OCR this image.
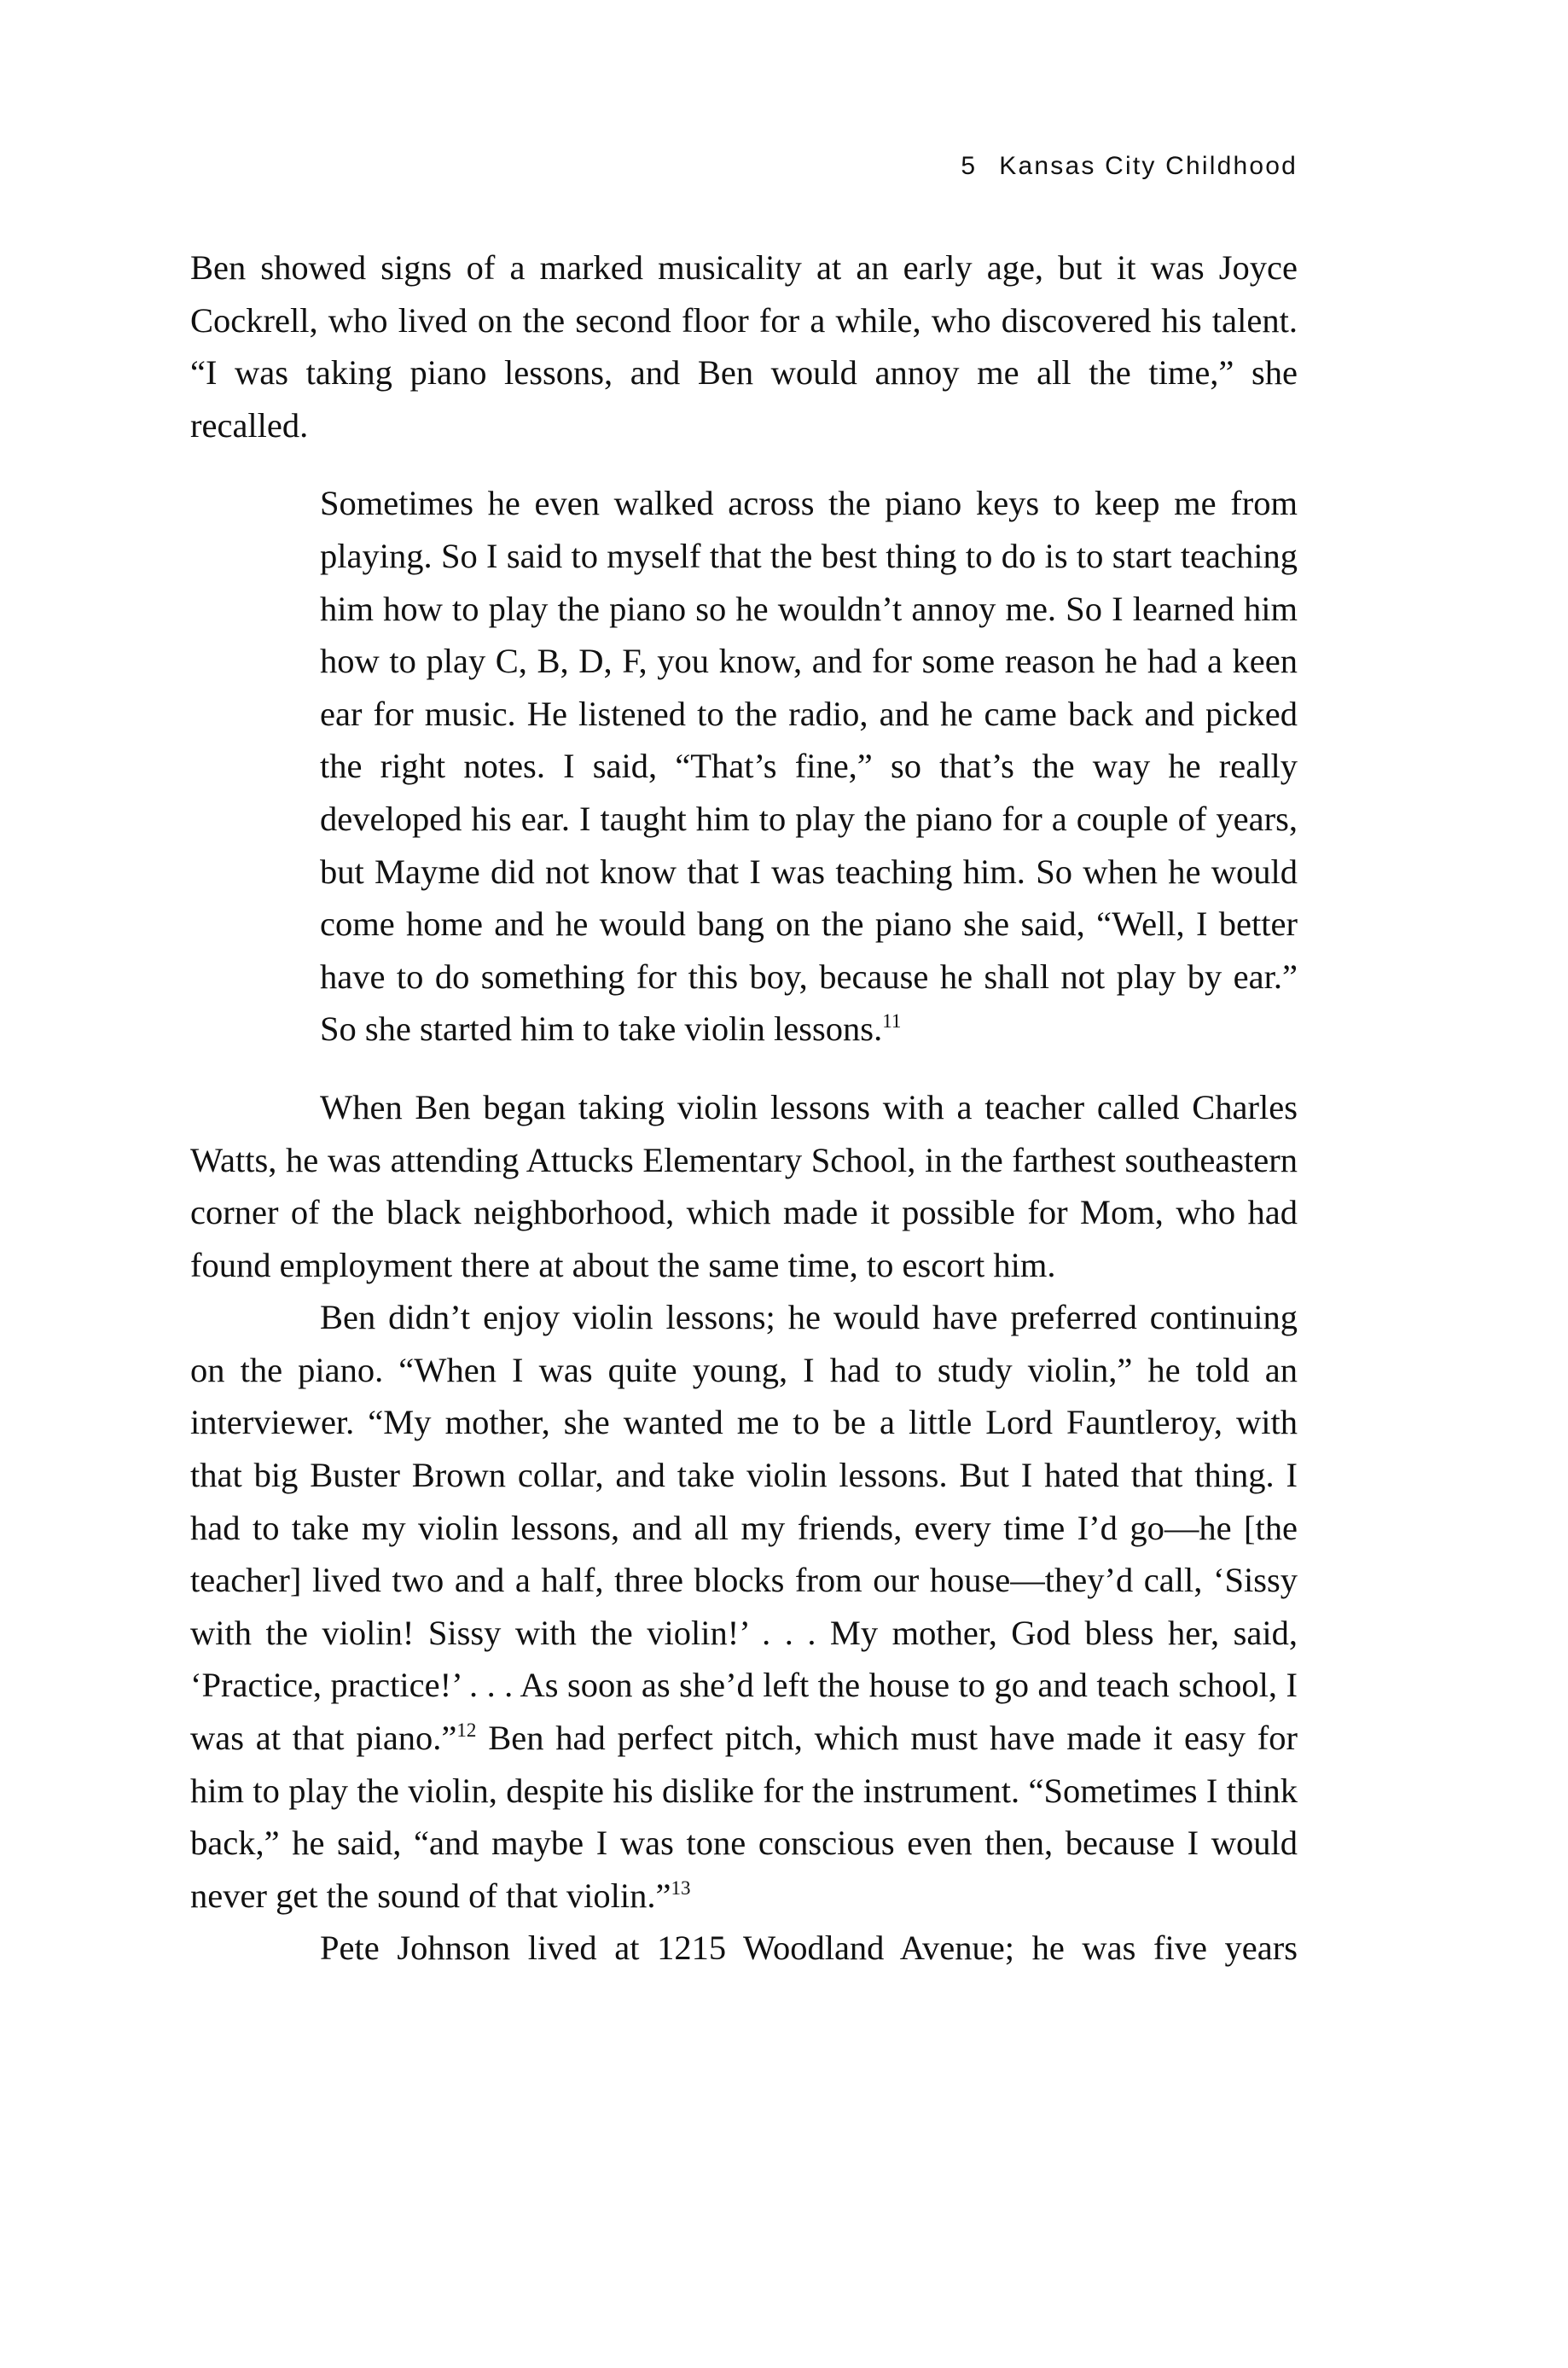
5 Kansas City Childhood

Ben showed signs of a marked musicality at an early age, but it was Joyce Cockrell, who lived on the second floor for a while, who discovered his talent. “I was taking piano lessons, and Ben would annoy me all the time,” she recalled.

Sometimes he even walked across the piano keys to keep me from playing. So I said to myself that the best thing to do is to start teaching him how to play the piano so he wouldn’t annoy me. So I learned him how to play C, B, D, F, you know, and for some reason he had a keen ear for music. He listened to the radio, and he came back and picked the right notes. I said, “That’s fine,” so that’s the way he really developed his ear. I taught him to play the piano for a couple of years, but Mayme did not know that I was teaching him. So when he would come home and he would bang on the piano she said, “Well, I better have to do something for this boy, because he shall not play by ear.” So she started him to take violin lessons.$^{11}$

When Ben began taking violin lessons with a teacher called Charles Watts, he was attending Attucks Elementary School, in the farthest southeastern corner of the black neighborhood, which made it possible for Mom, who had found employment there at about the same time, to escort him.

Ben didn’t enjoy violin lessons; he would have preferred continuing on the piano. “When I was quite young, I had to study violin,” he told an interviewer. “My mother, she wanted me to be a little Lord Fauntleroy, with that big Buster Brown collar, and take violin lessons. But I hated that thing. I had to take my violin lessons, and all my friends, every time I’d go—he [the teacher] lived two and a half, three blocks from our house—they’d call, ‘Sissy with the violin! Sissy with the violin!’ . . . My mother, God bless her, said, ‘Practice, practice!’ . . . As soon as she’d left the house to go and teach school, I was at that piano.”$^{12}$ Ben had perfect pitch, which must have made it easy for him to play the violin, despite his dislike for the instrument. “Sometimes I think back,” he said, “and maybe I was tone conscious even then, because I would never get the sound of that violin.”$^{13}$

Pete Johnson lived at 1215 Woodland Avenue; he was five years
